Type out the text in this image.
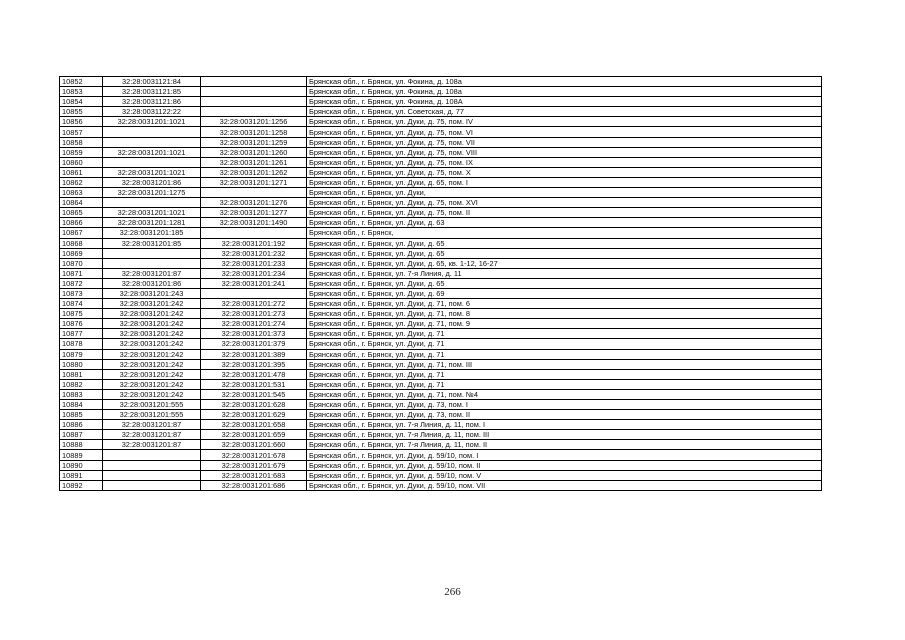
10852	32:28:0031121:84		Брянская обл., г. Брянск, ул. Фокина, д. 108а
10853	32:28:0031121:85		Брянская обл., г. Брянск, ул. Фокина, д. 108а
10854	32:28:0031121:86		Брянская обл., г. Брянск, ул. Фокина, д. 108А
10855	32:28:0031122:22		Брянская обл., г. Брянск, ул. Советская, д. 77
10856	32:28:0031201:1021	32:28:0031201:1256	Брянская обл., г. Брянск, ул. Дуки, д. 75, пом. IV
10857		32:28:0031201:1258	Брянская обл., г. Брянск, ул. Дуки, д. 75, пом. VI
10858		32:28:0031201:1259	Брянская обл., г. Брянск, ул. Дуки, д. 75, пом. VII
10859	32:28:0031201:1021	32:28:0031201:1260	Брянская обл., г. Брянск, ул. Дуки, д. 75, пом. VIII
10860		32:28:0031201:1261	Брянская обл., г. Брянск, ул. Дуки, д. 75, пом. IX
10861	32:28:0031201:1021	32:28:0031201:1262	Брянская обл., г. Брянск, ул. Дуки, д. 75, пом. X
10862	32:28:0031201:86	32:28:0031201:1271	Брянская обл., г. Брянск, ул. Дуки, д. 65, пом. I
10863	32:28:0031201:1275		Брянская обл., г. Брянск, ул. Дуки,
10864		32:28:0031201:1276	Брянская обл., г. Брянск, ул. Дуки, д. 75, пом. XVI
10865	32:28:0031201:1021	32:28:0031201:1277	Брянская обл., г. Брянск, ул. Дуки, д. 75, пом. II
10866	32:28:0031201:1281	32:28:0031201:1490	Брянская обл., г. Брянск, ул. Дуки, д. 63
10867	32:28:0031201:185		Брянская обл., г. Брянск,
10868	32:28:0031201:85	32:28:0031201:192	Брянская обл., г. Брянск, ул. Дуки, д. 65
10869		32:28:0031201:232	Брянская обл., г. Брянск, ул. Дуки, д. 65
10870		32:28:0031201:233	Брянская обл., г. Брянск, ул. Дуки, д. 65, кв. 1-12, 16-27
10871	32:28:0031201:87	32:28:0031201:234	Брянская обл., г. Брянск, ул. 7-я Линия, д. 11
10872	32:28:0031201:86	32:28:0031201:241	Брянская обл., г. Брянск, ул. Дуки, д. 65
10873	32:28:0031201:243		Брянская обл., г. Брянск, ул. Дуки, д. 69
10874	32:28:0031201:242	32:28:0031201:272	Брянская обл., г. Брянск, ул. Дуки, д. 71, пом. 6
10875	32:28:0031201:242	32:28:0031201:273	Брянская обл., г. Брянск, ул. Дуки, д. 71, пом. 8
10876	32:28:0031201:242	32:28:0031201:274	Брянская обл., г. Брянск, ул. Дуки, д. 71, пом. 9
10877	32:28:0031201:242	32:28:0031201:373	Брянская обл., г. Брянск, ул. Дуки, д. 71
10878	32:28:0031201:242	32:28:0031201:379	Брянская обл., г. Брянск, ул. Дуки, д. 71
10879	32:28:0031201:242	32:28:0031201:389	Брянская обл., г. Брянск, ул. Дуки, д. 71
10880	32:28:0031201:242	32:28:0031201:395	Брянская обл., г. Брянск, ул. Дуки, д. 71, пом. III
10881	32:28:0031201:242	32:28:0031201:478	Брянская обл., г. Брянск, ул. Дуки, д. 71
10882	32:28:0031201:242	32:28:0031201:531	Брянская обл., г. Брянск, ул. Дуки, д. 71
10883	32:28:0031201:242	32:28:0031201:545	Брянская обл., г. Брянск, ул. Дуки, д. 71, пом. №4
10884	32:28:0031201:555	32:28:0031201:628	Брянская обл., г. Брянск, ул. Дуки, д. 73, пом. I
10885	32:28:0031201:555	32:28:0031201:629	Брянская обл., г. Брянск, ул. Дуки, д. 73, пом. II
10886	32:28:0031201:87	32:28:0031201:658	Брянская обл., г. Брянск, ул. 7-я Линия, д. 11, пом. I
10887	32:28:0031201:87	32:28:0031201:659	Брянская обл., г. Брянск, ул. 7-я Линия, д. 11, пом. III
10888	32:28:0031201:87	32:28:0031201:660	Брянская обл., г. Брянск, ул. 7-я Линия, д. 11, пом. II
10889		32:28:0031201:678	Брянская обл., г. Брянск, ул. Дуки, д. 59/10, пом. I
10890		32:28:0031201:679	Брянская обл., г. Брянск, ул. Дуки, д. 59/10, пом. II
10891		32:28:0031201:683	Брянская обл., г. Брянск, ул. Дуки, д. 59/10, пом. V
10892		32:28:0031201:686	Брянская обл., г. Брянск, ул. Дуки, д. 59/10, пом. VII
266
